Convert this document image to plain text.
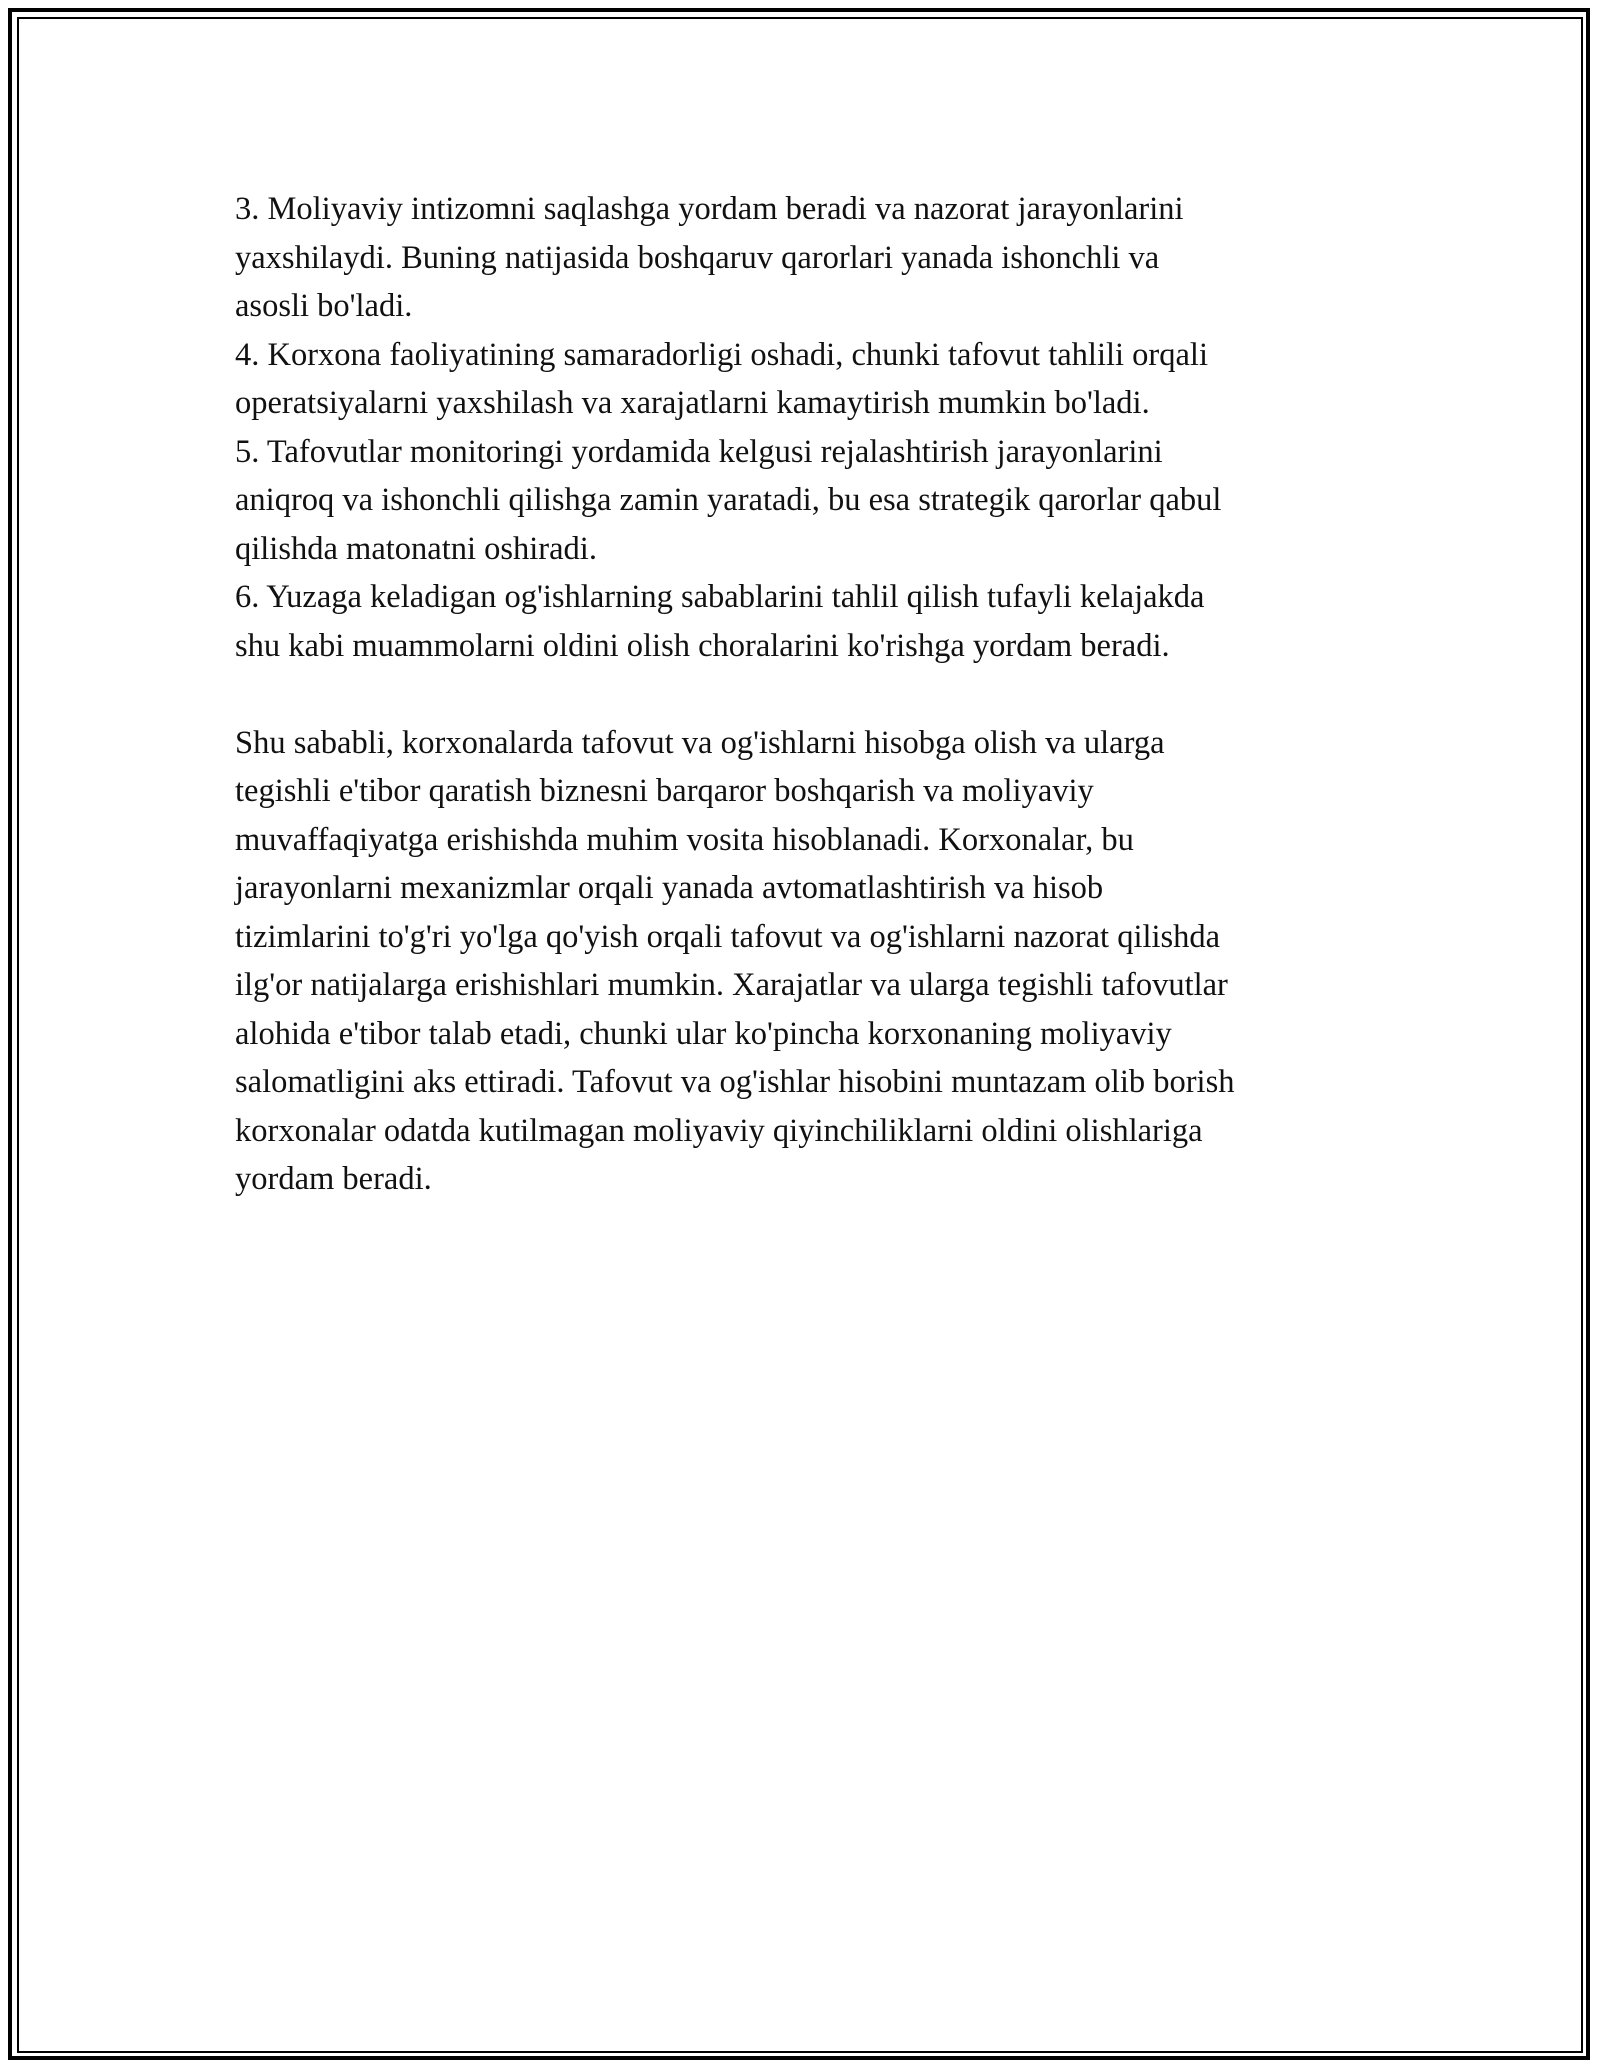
3. Moliyaviy intizomni saqlashga yordam beradi va nazorat jarayonlarini
yaxshilaydi. Buning natijasida boshqaruv qarorlari yanada ishonchli va
asosli bo'ladi.
4. Korxona faoliyatining samaradorligi oshadi, chunki tafovut tahlili orqali
operatsiyalarni yaxshilash va xarajatlarni kamaytirish mumkin bo'ladi.
5. Tafovutlar monitoringi yordamida kelgusi rejalashtirish jarayonlarini
aniqroq va ishonchli qilishga zamin yaratadi, bu esa strategik qarorlar qabul
qilishda matonatni oshiradi.
6. Yuzaga keladigan og'ishlarning sabablarini tahlil qilish tufayli kelajakda
shu kabi muammolarni oldini olish choralarini ko'rishga yordam beradi.
Shu sababli, korxonalarda tafovut va og'ishlarni hisobga olish va ularga
tegishli e'tibor qaratish biznesni barqaror boshqarish va moliyaviy
muvaffaqiyatga erishishda muhim vosita hisoblanadi. Korxonalar, bu
jarayonlarni mexanizmlar orqali yanada avtomatlashtirish va hisob
tizimlarini to'g'ri yo'lga qo'yish orqali tafovut va og'ishlarni nazorat qilishda
ilg'or natijalarga erishishlari mumkin. Xarajatlar va ularga tegishli tafovutlar
alohida e'tibor talab etadi, chunki ular ko'pincha korxonaning moliyaviy
salomatligini aks ettiradi. Tafovut va og'ishlar hisobini muntazam olib borish
korxonalar odatda kutilmagan moliyaviy qiyinchiliklarni oldini olishlariga
yordam beradi.
